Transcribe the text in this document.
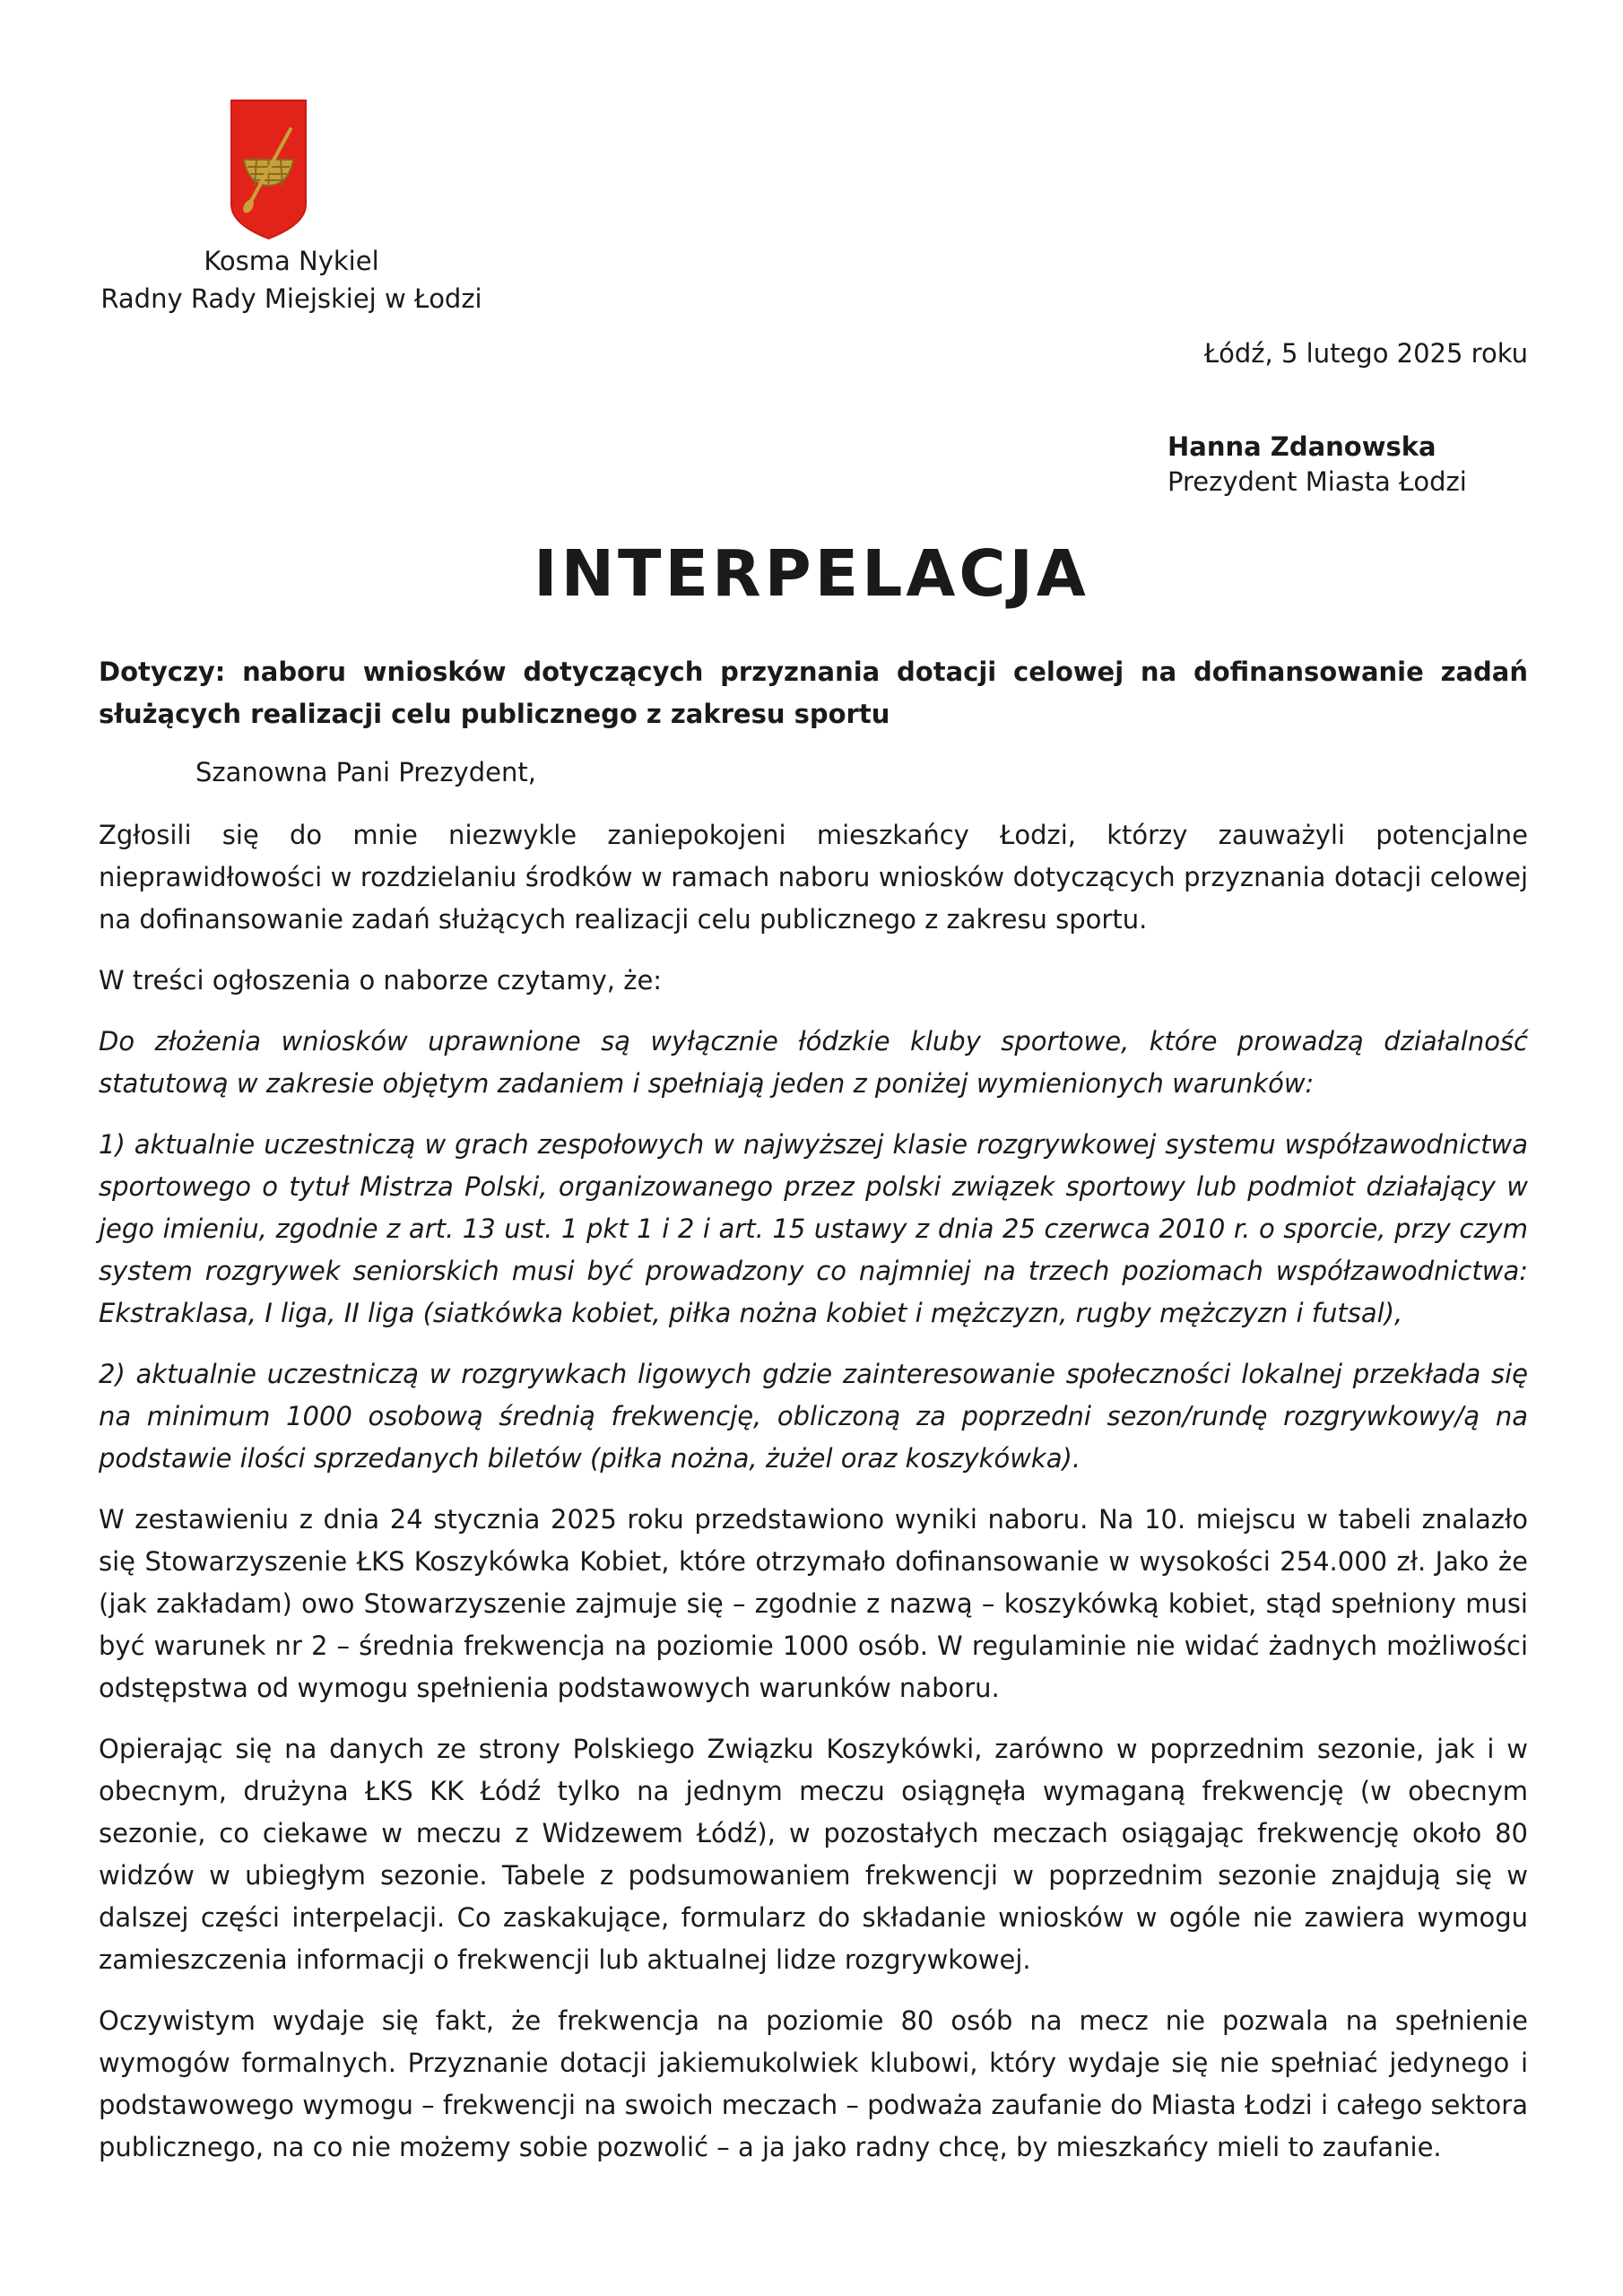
Kosma Nykiel
Radny Rady Miejskiej w Łodzi
Łódź, 5 lutego 2025 roku
Hanna Zdanowska
Prezydent Miasta Łodzi
INTERPELACJA
Dotyczy: naboru wniosków dotyczących przyznania dotacji celowej na dofinansowanie zadań służących realizacji celu publicznego z zakresu sportu
Szanowna Pani Prezydent,
Zgłosili się do mnie niezwykle zaniepokojeni mieszkańcy Łodzi, którzy zauważyli potencjalne nieprawidłowości w rozdzielaniu środków w ramach naboru wniosków dotyczących przyznania dotacji celowej na dofinansowanie zadań służących realizacji celu publicznego z zakresu sportu.
W treści ogłoszenia o naborze czytamy, że:
Do złożenia wniosków uprawnione są wyłącznie łódzkie kluby sportowe, które prowadzą działalność statutową w zakresie objętym zadaniem i spełniają jeden z poniżej wymienionych warunków:
1) aktualnie uczestniczą w grach zespołowych w najwyższej klasie rozgrywkowej systemu współzawodnictwa sportowego o tytuł Mistrza Polski, organizowanego przez polski związek sportowy lub podmiot działający w jego imieniu, zgodnie z art. 13 ust. 1 pkt 1 i 2 i art. 15 ustawy z dnia 25 czerwca 2010 r. o sporcie, przy czym system rozgrywek seniorskich musi być prowadzony co najmniej na trzech poziomach współzawodnictwa: Ekstraklasa, I liga, II liga (siatkówka kobiet, piłka nożna kobiet i mężczyzn, rugby mężczyzn i futsal),
2) aktualnie uczestniczą w rozgrywkach ligowych gdzie zainteresowanie społeczności lokalnej przekłada się na minimum 1000 osobową średnią frekwencję, obliczoną za poprzedni sezon/rundę rozgrywkowy/ą na podstawie ilości sprzedanych biletów (piłka nożna, żużel oraz koszykówka).
W zestawieniu z dnia 24 stycznia 2025 roku przedstawiono wyniki naboru. Na 10. miejscu w tabeli znalazło się Stowarzyszenie ŁKS Koszykówka Kobiet, które otrzymało dofinansowanie w wysokości 254.000 zł. Jako że (jak zakładam) owo Stowarzyszenie zajmuje się – zgodnie z nazwą – koszykówką kobiet, stąd spełniony musi być warunek nr 2 – średnia frekwencja na poziomie 1000 osób. W regulaminie nie widać żadnych możliwości odstępstwa od wymogu spełnienia podstawowych warunków naboru.
Opierając się na danych ze strony Polskiego Związku Koszykówki, zarówno w poprzednim sezonie, jak i w obecnym, drużyna ŁKS KK Łódź tylko na jednym meczu osiągnęła wymaganą frekwencję (w obecnym sezonie, co ciekawe w meczu z Widzewem Łódź), w pozostałych meczach osiągając frekwencję około 80 widzów w ubiegłym sezonie. Tabele z podsumowaniem frekwencji w poprzednim sezonie znajdują się w dalszej części interpelacji. Co zaskakujące, formularz do składanie wniosków w ogóle nie zawiera wymogu zamieszczenia informacji o frekwencji lub aktualnej lidze rozgrywkowej.
Oczywistym wydaje się fakt, że frekwencja na poziomie 80 osób na mecz nie pozwala na spełnienie wymogów formalnych. Przyznanie dotacji jakiemukolwiek klubowi, który wydaje się nie spełniać jedynego i podstawowego wymogu – frekwencji na swoich meczach – podważa zaufanie do Miasta Łodzi i całego sektora publicznego, na co nie możemy sobie pozwolić – a ja jako radny chcę, by mieszkańcy mieli to zaufanie.
